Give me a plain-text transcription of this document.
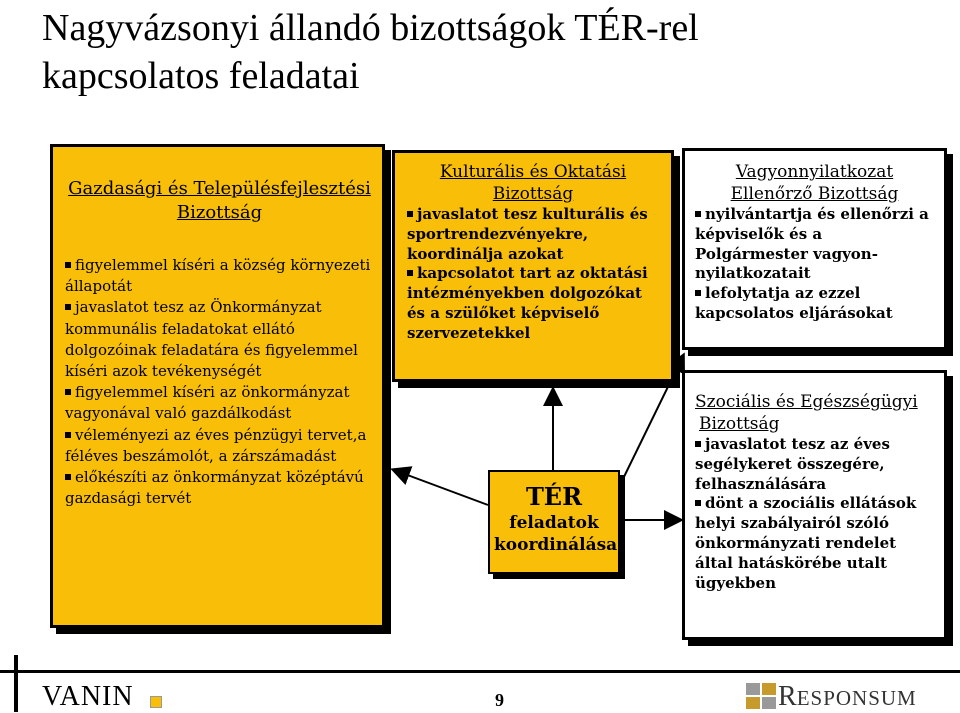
Nagyvázsonyi állandó bizottságok TÉR-rel
kapcsolatos feladatai
Gazdasági és Településfejlesztési
Bizottság
figyelemmel kíséri a község környezeti állapotát
javaslatot tesz az Önkormányzat kommunális feladatokat ellátó dolgozóinak feladatára és figyelemmel kíséri azok tevékenységét
figyelemmel kíséri az önkormányzat vagyonával való gazdálkodást
véleményezi az éves pénzügyi tervet,a féléves beszámolót, a zárszámadást
előkészíti az önkormányzat középtávú gazdasági tervét
Kulturális és Oktatási
Bizottság
javaslatot tesz kulturális és sportrendezvényekre, koordinálja azokat
kapcsolatot tart az oktatási intézményekben dolgozókat és a szülőket képviselő szervezetekkel
Vagyonnyilatkozat
Ellenőrző Bizottság
nyilvántartja és ellenőrzi a képviselők és a Polgármester vagyon-nyilatkozatait
lefolytatja az ezzel kapcsolatos eljárásokat
Szociális és Egészségügyi
Bizottság
javaslatot tesz az éves segélykeret összegére, felhasználására
dönt a szociális ellátások helyi szabályairól szóló önkormányzati rendelet által hatáskörébe utalt ügyekben
TÉR
feladatok
koordinálása
VANIN	9	RESPONSUM
